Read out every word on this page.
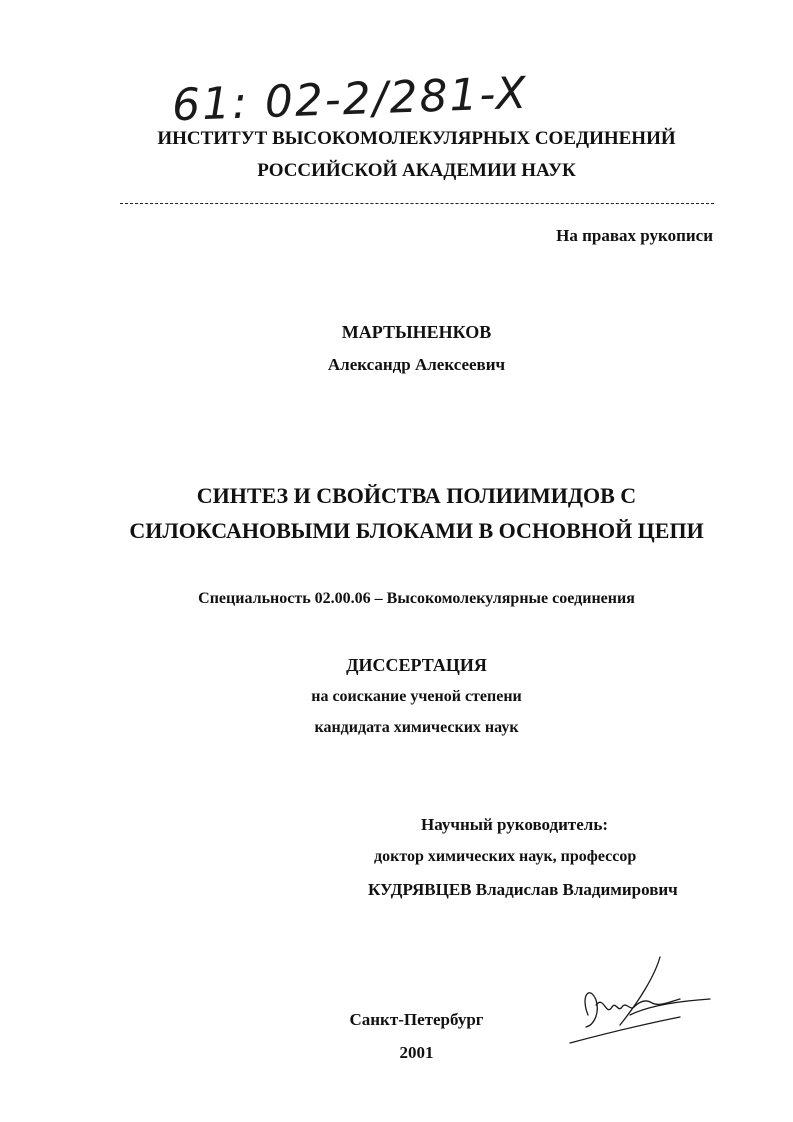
61: 02-2/281-X
ИНСТИТУТ ВЫСОКОМОЛЕКУЛЯРНЫХ СОЕДИНЕНИЙ
РОССИЙСКОЙ АКАДЕМИИ НАУК
На правах рукописи
МАРТЫНЕНКОВ
Александр Алексеевич
СИНТЕЗ И СВОЙСТВА ПОЛИИМИДОВ С
СИЛОКСАНОВЫМИ БЛОКАМИ В ОСНОВНОЙ ЦЕПИ
Специальность 02.00.06 – Высокомолекулярные соединения
ДИССЕРТАЦИЯ
на соискание ученой степени
кандидата химических наук
Научный руководитель:
доктор химических наук, профессор
КУДРЯВЦЕВ Владислав Владимирович
Санкт-Петербург
2001
